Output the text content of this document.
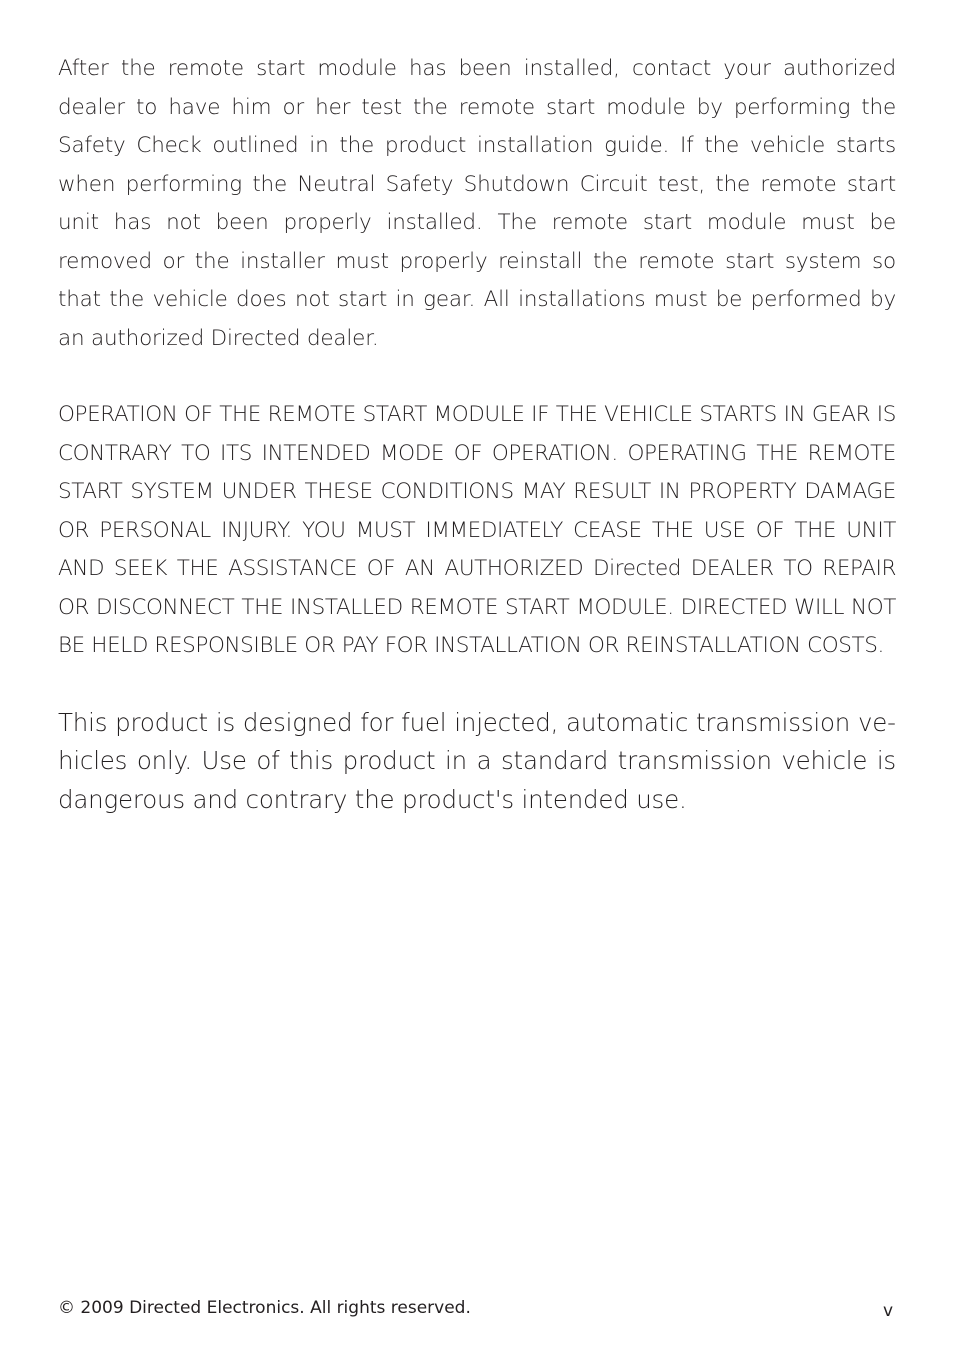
After the remote start module has been installed, contact your authorized dealer to have him or her test the remote start module by performing the Safety Check outlined in the product installation guide. If the vehicle starts when performing the Neutral Safety Shutdown Circuit test, the remote start unit has not been properly installed. The remote start module must be removed or the installer must properly reinstall the remote start system so that the vehicle does not start in gear. All installations must be performed by an authorized Directed dealer.

OPERATION OF THE REMOTE START MODULE IF THE VEHICLE STARTS IN GEAR IS CONTRARY TO ITS INTENDED MODE OF OPERATION. OPERATING THE REMOTE START SYSTEM UNDER THESE CONDITIONS MAY RESULT IN PROPERTY DAMAGE OR PERSONAL INJURY. YOU MUST IMMEDIATELY CEASE THE USE OF THE UNIT AND SEEK THE ASSISTANCE OF AN AUTHORIZED Directed DEALER TO REPAIR OR DISCONNECT THE INSTALLED REMOTE START MODULE. DIRECTED WILL NOT BE HELD RESPONSIBLE OR PAY FOR INSTALLATION OR REINSTALLATION COSTS.

This product is designed for fuel injected, automatic transmission vehicles only. Use of this product in a standard transmission vehicle is dangerous and contrary the product's intended use.

© 2009 Directed Electronics. All rights reserved.	v
